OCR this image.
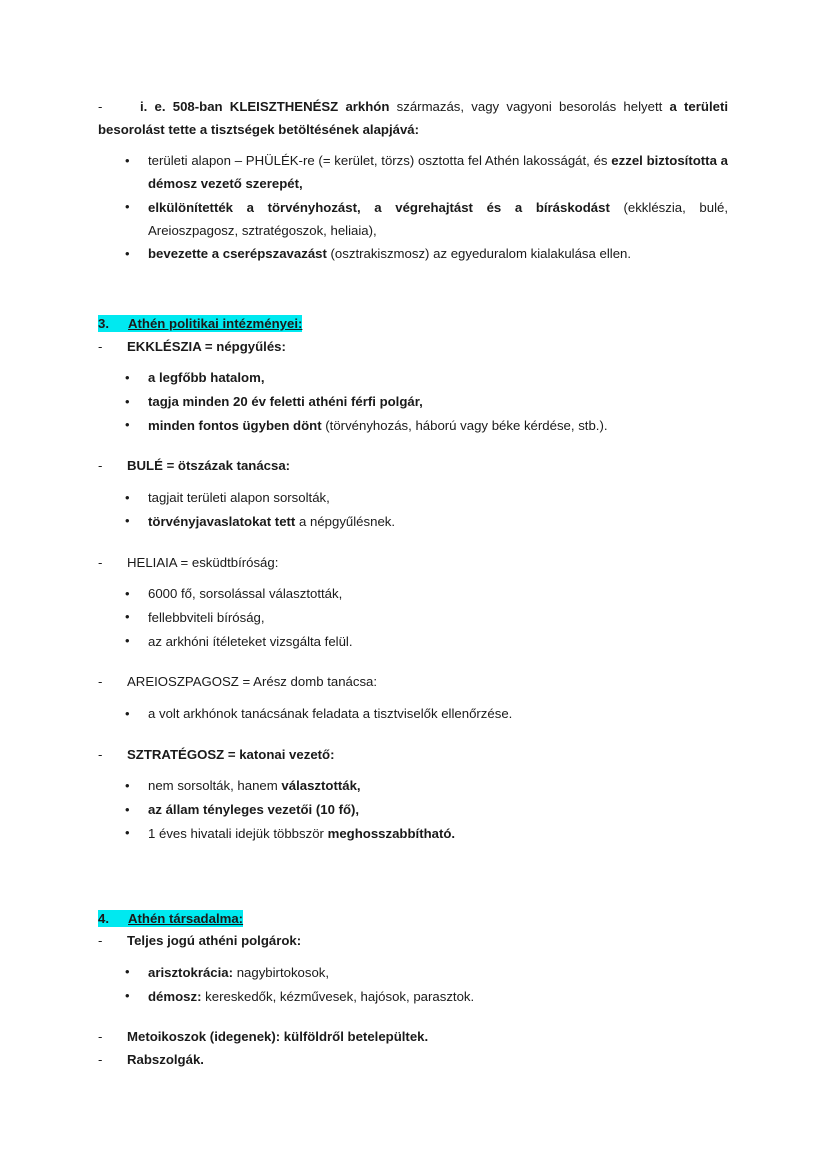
-	i. e. 508-ban KLEISZTHENÉSZ arkhón származás, vagy vagyoni besorolás helyett a területi besorolást tette a tisztségek betöltésének alapjává:

• területi alapon – PHÜLÉK-re (= kerület, törzs) osztotta fel Athén lakosságát, és ezzel biztosította a démosz vezető szerepét,
• elkülönítették a törvényhozást, a végrehajtást és a bíráskodást (ekklészia, bulé, Areioszpagosz, sztratégoszok, heliaia),
• bevezette a cserépszavazást (osztrakiszmosz) az egyeduralom kialakulása ellen.
3. Athén politikai intézményei:
- EKKLÉSZIA = népgyűlés:
• a legfőbb hatalom,
• tagja minden 20 év feletti athéni férfi polgár,
• minden fontos ügyben dönt (törvényhozás, háború vagy béke kérdése, stb.).
- BULÉ = ötszázak tanácsa:
• tagjait területi alapon sorsolták,
• törvényjavaslatokat tett a népgyűlésnek.
- HELIAIA = esküdtbíróság:
• 6000 fő, sorsolással választották,
• fellebbviteli bíróság,
• az arkhóni ítéleteket vizsgálta felül.
- AREIOSZPAGOSZ = Arész domb tanácsa:
• a volt arkhónok tanácsának feladata a tisztviselők ellenőrzése.
- SZTRATÉGOSZ = katonai vezető:
• nem sorsolták, hanem választották,
• az állam tényleges vezetői (10 fő),
• 1 éves hivatali idejük többször meghosszabbítható.
4. Athén társadalma:
- Teljes jogú athéni polgárok:
• arisztokrácia: nagybirtokosok,
• démosz: kereskedők, kézművesek, hajósok, parasztok.
- Metoikoszok (idegenek): külföldről betelepültek.
- Rabszolgák.
